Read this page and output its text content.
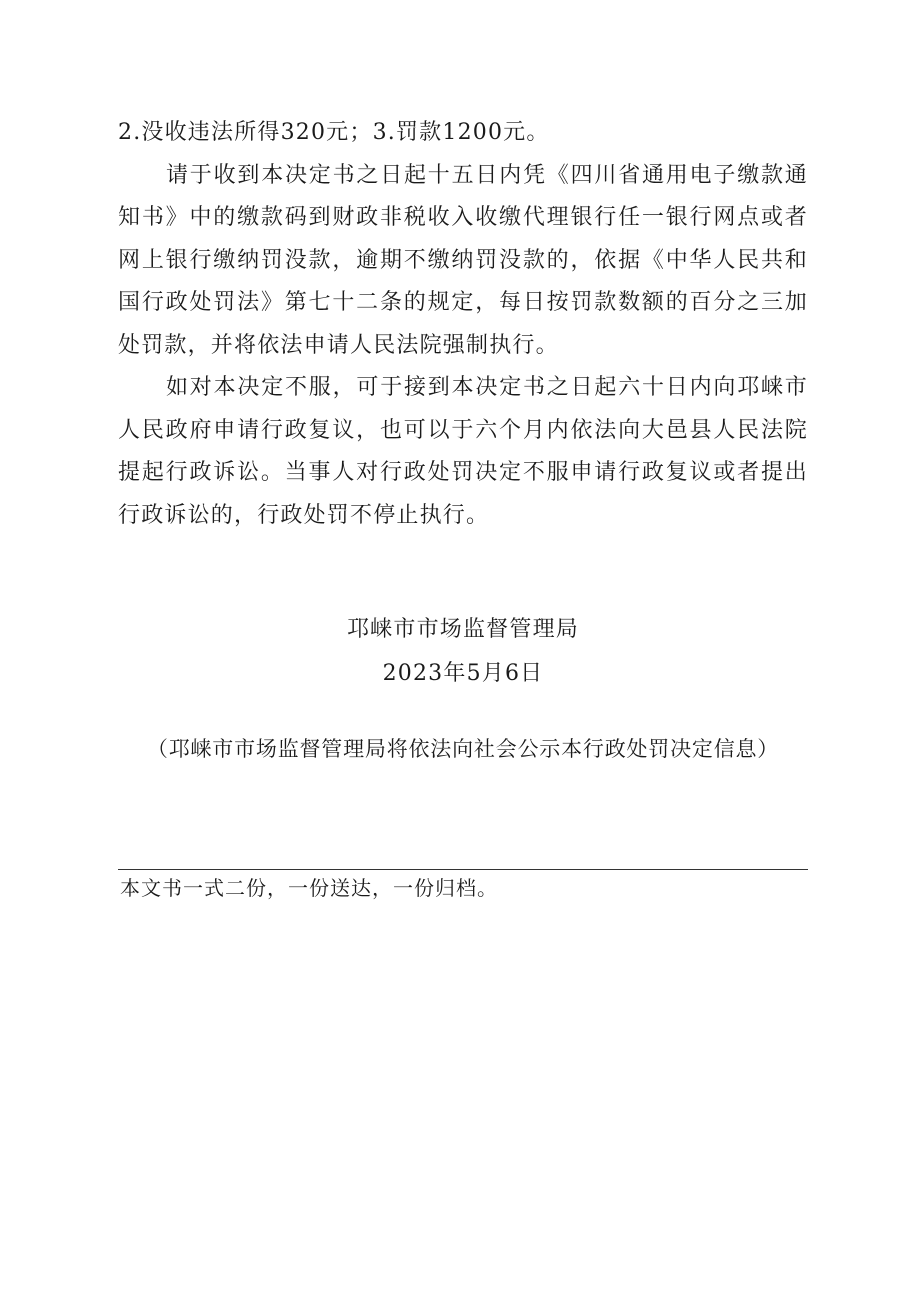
2.没收违法所得320元；3.罚款1200元。

请于收到本决定书之日起十五日内凭《四川省通用电子缴款通知书》中的缴款码到财政非税收入收缴代理银行任一银行网点或者网上银行缴纳罚没款，逾期不缴纳罚没款的，依据《中华人民共和国行政处罚法》第七十二条的规定，每日按罚款数额的百分之三加处罚款，并将依法申请人民法院强制执行。

如对本决定不服，可于接到本决定书之日起六十日内向邛崃市人民政府申请行政复议，也可以于六个月内依法向大邑县人民法院提起行政诉讼。当事人对行政处罚决定不服申请行政复议或者提出行政诉讼的，行政处罚不停止执行。

邛崃市市场监督管理局
2023年5月6日
（邛崃市市场监督管理局将依法向社会公示本行政处罚决定信息）
本文书一式二份，一份送达，一份归档。
